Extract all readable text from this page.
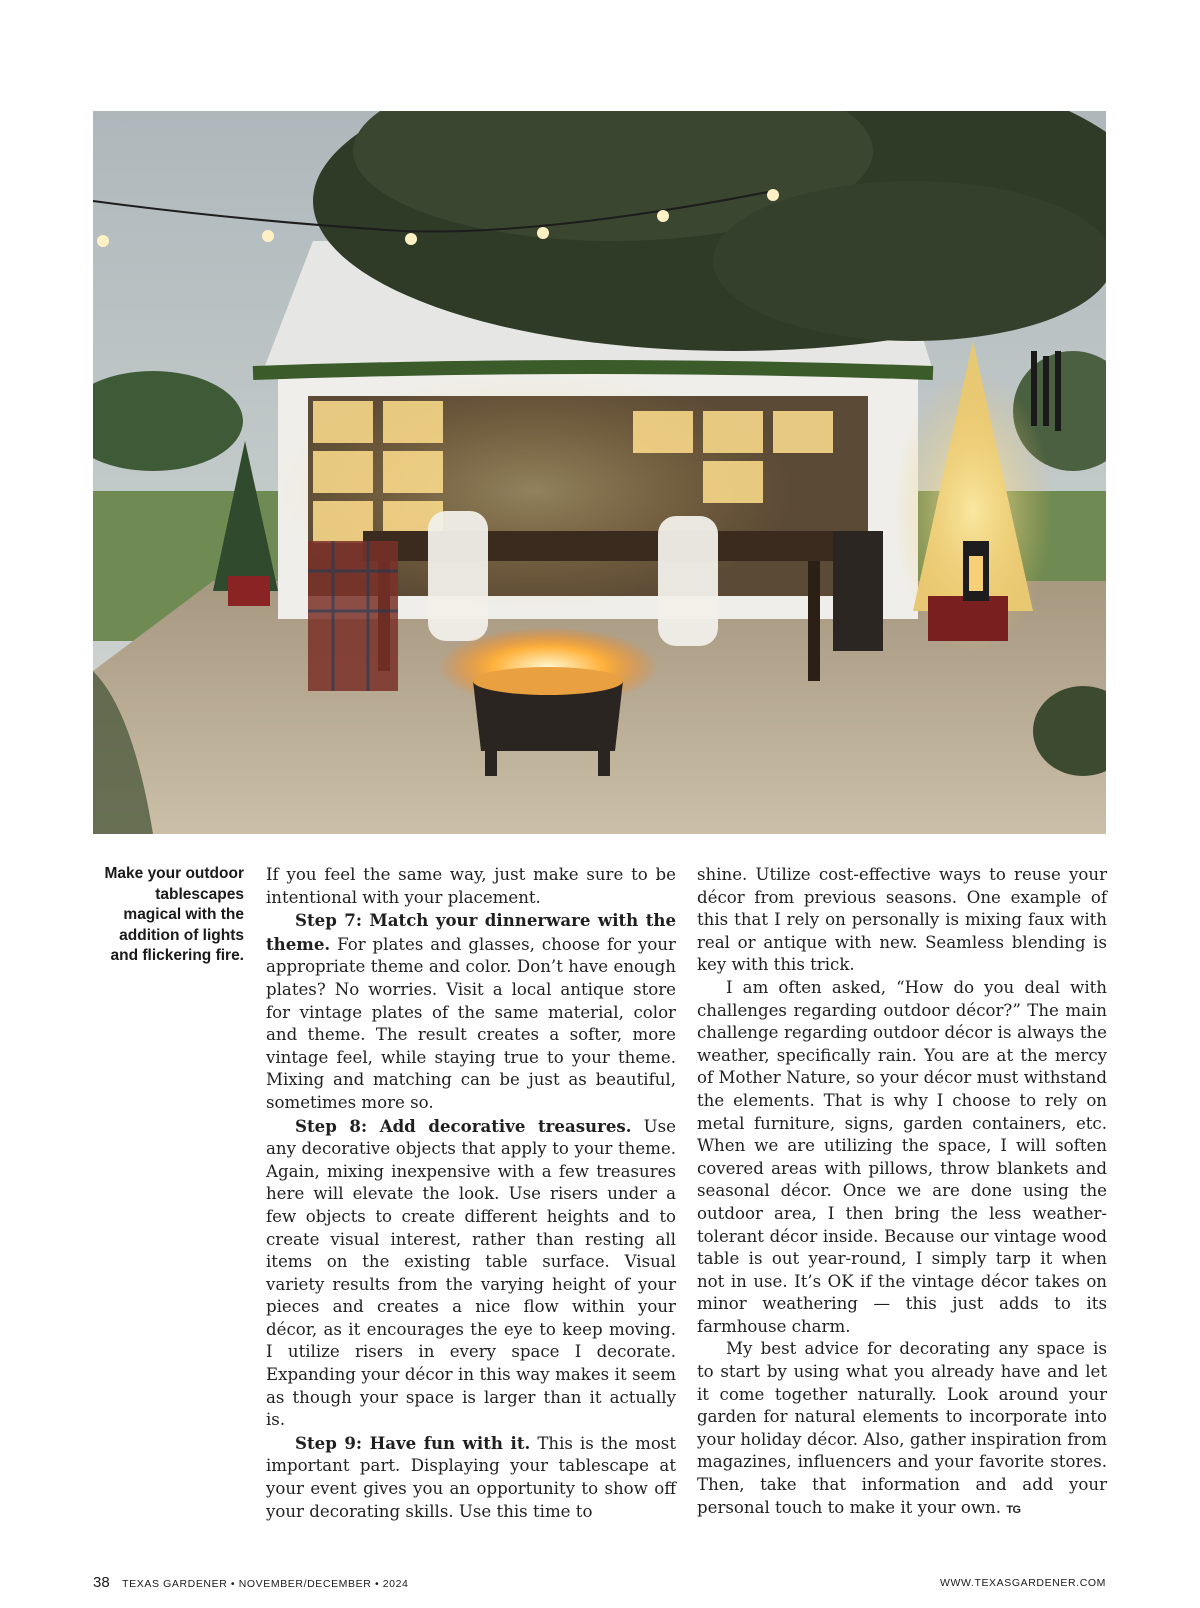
Make your outdoor
tablescapes
magical with the
addition of lights
and flickering fire.

If you feel the same way, just make sure to be intentional with your placement.

Step 7: Match your dinnerware with the theme. For plates and glasses, choose for your appropriate theme and color. Don’t have enough plates? No worries. Visit a local antique store for vintage plates of the same material, color and theme. The result creates a softer, more vintage feel, while staying true to your theme. Mixing and matching can be just as beautiful, sometimes more so.

Step 8: Add decorative treasures. Use any decorative objects that apply to your theme. Again, mixing inexpensive with a few treasures here will elevate the look. Use risers under a few objects to create different heights and to create visual interest, rather than resting all items on the existing table surface. Visual variety results from the varying height of your pieces and creates a nice flow within your décor, as it encourages the eye to keep moving. I utilize risers in every space I decorate. Expanding your décor in this way makes it seem as though your space is larger than it actually is.

Step 9: Have fun with it. This is the most important part. Displaying your tablescape at your event gives you an opportunity to show off your decorating skills. Use this time to

shine. Utilize cost-effective ways to reuse your décor from previous seasons. One example of this that I rely on personally is mixing faux with real or antique with new. Seamless blending is key with this trick.

I am often asked, “How do you deal with challenges regarding outdoor décor?” The main challenge regarding outdoor décor is always the weather, specifically rain. You are at the mercy of Mother Nature, so your décor must withstand the elements. That is why I choose to rely on metal furniture, signs, garden containers, etc. When we are utilizing the space, I will soften covered areas with pillows, throw blankets and seasonal décor. Once we are done using the outdoor area, I then bring the less weather-tolerant décor inside. Because our vintage wood table is out year-round, I simply tarp it when not in use. It’s OK if the vintage décor takes on minor weathering — this just adds to its farmhouse charm.

My best advice for decorating any space is to start by using what you already have and let it come together naturally. Look around your garden for natural elements to incorporate into your holiday décor. Also, gather inspiration from magazines, influencers and your favorite stores. Then, take that information and add your personal touch to make it your own. TG

38 TEXAS GARDENER • NOVEMBER/DECEMBER • 2024	WWW.TEXASGARDENER.COM
